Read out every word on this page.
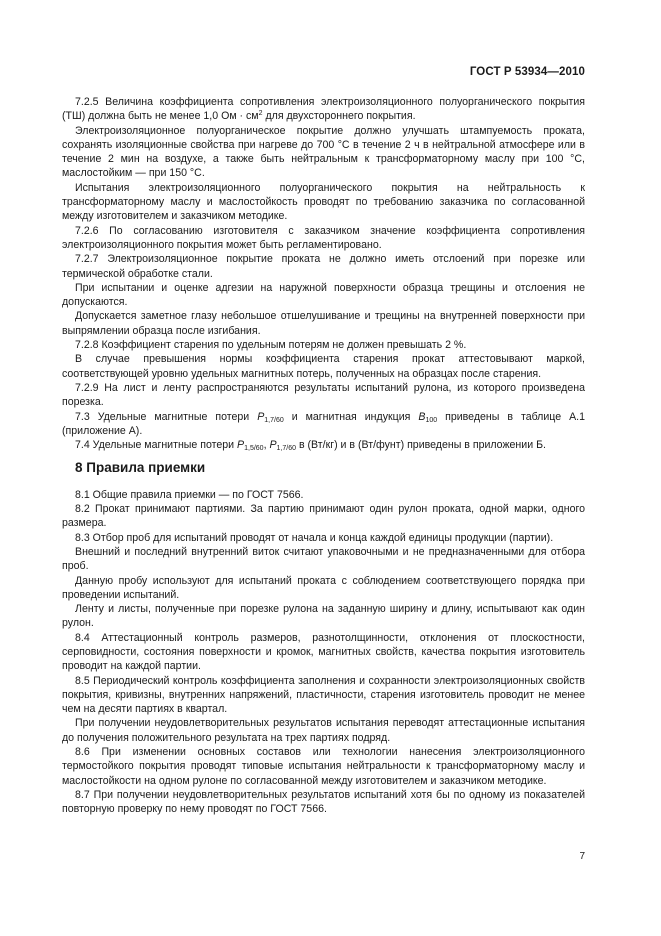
ГОСТ Р 53934—2010

7.2.5 Величина коэффициента сопротивления электроизоляционного полуорганического покрытия (ТШ) должна быть не менее 1,0 Ом · $см^2$ для двухстороннего покрытия.

Электроизоляционное полуорганическое покрытие должно улучшать штампуемость проката, сохранять изоляционные свойства при нагреве до 700 °С в течение 2 ч в нейтральной атмосфере или в течение 2 мин на воздухе, а также быть нейтральным к трансформаторному маслу при 100 °С, маслостойким — при 150 °С.

Испытания электроизоляционного полуорганического покрытия на нейтральность к трансформаторному маслу и маслостойкость проводят по требованию заказчика по согласованной между изготовителем и заказчиком методике.

7.2.6 По согласованию изготовителя с заказчиком значение коэффициента сопротивления электроизоляционного покрытия может быть регламентировано.

7.2.7 Электроизоляционное покрытие проката не должно иметь отслоений при порезке или термической обработке стали.

При испытании и оценке адгезии на наружной поверхности образца трещины и отслоения не допускаются.

Допускается заметное глазу небольшое отшелушивание и трещины на внутренней поверхности при выпрямлении образца после изгибания.

7.2.8 Коэффициент старения по удельным потерям не должен превышать 2 %.

В случае превышения нормы коэффициента старения прокат аттестовывают маркой, соответствующей уровню удельных магнитных потерь, полученных на образцах после старения.

7.2.9 На лист и ленту распространяются результаты испытаний рулона, из которого произведена порезка.

7.3 Удельные магнитные потери $P_{1,7/60}$ и магнитная индукция $B_{100}$ приведены в таблице А.1 (приложение А).

7.4 Удельные магнитные потери $P_{1,5/60}$, $P_{1,7/60}$ в (Вт/кг) и в (Вт/фунт) приведены в приложении Б.

8 Правила приемки

8.1 Общие правила приемки — по ГОСТ 7566.

8.2 Прокат принимают партиями. За партию принимают один рулон проката, одной марки, одного размера.

8.3 Отбор проб для испытаний проводят от начала и конца каждой единицы продукции (партии).

Внешний и последний внутренний виток считают упаковочными и не предназначенными для отбора проб.

Данную пробу используют для испытаний проката с соблюдением соответствующего порядка при проведении испытаний.

Ленту и листы, полученные при порезке рулона на заданную ширину и длину, испытывают как один рулон.

8.4 Аттестационный контроль размеров, разнотолщинности, отклонения от плоскостности, серповидности, состояния поверхности и кромок, магнитных свойств, качества покрытия изготовитель проводит на каждой партии.

8.5 Периодический контроль коэффициента заполнения и сохранности электроизоляционных свойств покрытия, кривизны, внутренних напряжений, пластичности, старения изготовитель проводит не менее чем на десяти партиях в квартал.

При получении неудовлетворительных результатов испытания переводят аттестационные испытания до получения положительного результата на трех партиях подряд.

8.6 При изменении основных составов или технологии нанесения электроизоляционного термостойкого покрытия проводят типовые испытания нейтральности к трансформаторному маслу и маслостойкости на одном рулоне по согласованной между изготовителем и заказчиком методике.

8.7 При получении неудовлетворительных результатов испытаний хотя бы по одному из показателей повторную проверку по нему проводят по ГОСТ 7566.

7
